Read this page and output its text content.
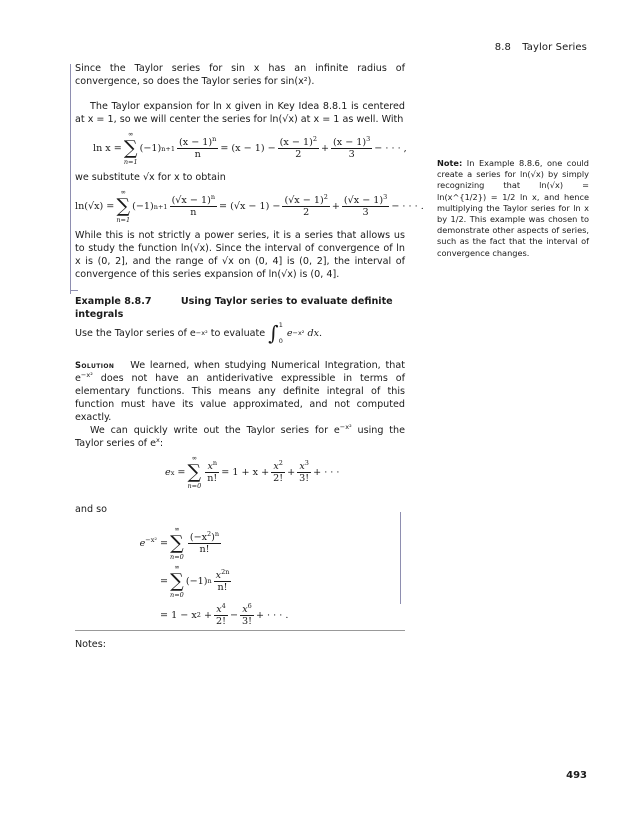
8.8 Taylor Series

Since the Taylor series for sin x has an infinite radius of convergence, so does the Taylor series for sin(x²).

The Taylor expansion for ln x given in Key Idea 8.8.1 is centered at x = 1, so we will center the series for ln(√x) at x = 1 as well. With

ln x =
∞
∑
n=1
(−1) $n+1 \frac{(x - 1)^n}{n} = (x - 1) - \frac{(x - 1)^2}{2} + \frac{(x - 1)^3}{3}$ − · · · ,

we substitute √x for x to obtain

ln(√x) =
∞
∑
n=1
(−1) $n+1 \frac{(√x - 1)^n}{n} = (√x - 1) - \frac{(√x - 1)^2}{2} + \frac{(√x - 1)^3}{3}$ − · · · .

While this is not strictly a power series, it is a series that allows us to study the function ln(√x). Since the interval of convergence of ln x is (0, 2], and the range of √x on (0, 4] is (0, 2], the interval of convergence of this series expansion of ln(√x) is (0, 4].

Example 8.8.7	Using Taylor series to evaluate definite integrals
Use the Taylor series of e −x²
to evaluate
∫ 1
0
e −x²
dx.

Solution We learned, when studying Numerical Integration, that $e^{-x^2}$ does not have an antiderivative expressible in terms of elementary functions. This means any definite integral of this function must have its value approximated, and not computed exactly.

We can quickly write out the Taylor series for $e^{-x^2}$ using the Taylor series of $e^x$:

e x =
∞
∑
n=0
$\frac{x^n}{n!} = 1 + x + \frac{x^2}{2!} + \frac{x^3}{3!}$ + · · ·

and so

$e^{-x^2}$ =
∞
∑
n=0
$\frac{(-x^2)^n}{n!}$
=
∞
∑
n=0
(−1) n $\frac{x^{2n}}{n!}$
= 1 − x $2 + \frac{x^4}{2!} - \frac{x^6}{3!}$ + · · · .
Note: In Example 8.8.6, one could create a series for ln(√x) by simply recognizing that ln(√x) = ln(x^{1/2}) = 1/2 ln x, and hence multiplying the Taylor series for ln x by 1/2. This example was chosen to demonstrate other aspects of series, such as the fact that the interval of convergence changes.
Notes:
493
